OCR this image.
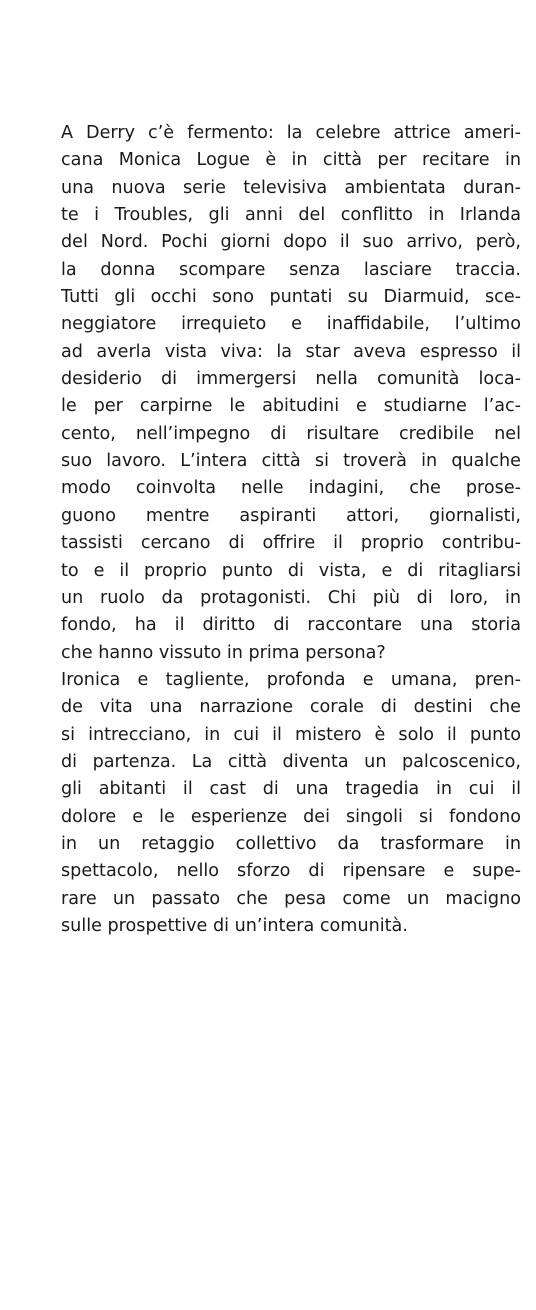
A Derry c’è fermento: la celebre attrice ameri-
cana Monica Logue è in città per recitare in
una nuova serie televisiva ambientata duran-
te i Troubles, gli anni del conflitto in Irlanda
del Nord. Pochi giorni dopo il suo arrivo, però,
la donna scompare senza lasciare traccia.
Tutti gli occhi sono puntati su Diarmuid, sce-
neggiatore irrequieto e inaffidabile, l’ultimo
ad averla vista viva: la star aveva espresso il
desiderio di immergersi nella comunità loca-
le per carpirne le abitudini e studiarne l’ac-
cento, nell’impegno di risultare credibile nel
suo lavoro. L’intera città si troverà in qualche
modo coinvolta nelle indagini, che prose-
guono mentre aspiranti attori, giornalisti,
tassisti cercano di offrire il proprio contribu-
to e il proprio punto di vista, e di ritagliarsi
un ruolo da protagonisti. Chi più di loro, in
fondo, ha il diritto di raccontare una storia
che hanno vissuto in prima persona?
Ironica e tagliente, profonda e umana, pren-
de vita una narrazione corale di destini che
si intrecciano, in cui il mistero è solo il punto
di partenza. La città diventa un palcoscenico,
gli abitanti il cast di una tragedia in cui il
dolore e le esperienze dei singoli si fondono
in un retaggio collettivo da trasformare in
spettacolo, nello sforzo di ripensare e supe-
rare un passato che pesa come un macigno
sulle prospettive di un’intera comunità.
